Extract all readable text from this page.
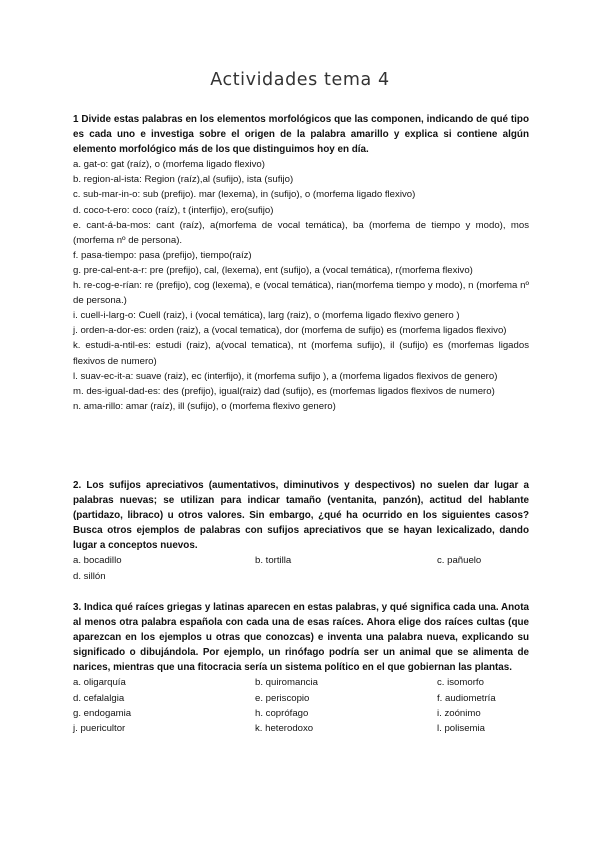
Actividades tema 4

1 Divide estas palabras en los elementos morfológicos que las componen, indicando de qué tipo es cada uno e investiga sobre el origen de la palabra amarillo y explica si contiene algún elemento morfológico más de los que distinguimos hoy en día.

a. gat-o: gat (raíz), o (morfema ligado flexivo)

b. region-al-ista: Region (raíz),al (sufijo), ista (sufijo)

c. sub-mar-in-o: sub (prefijo). mar (lexema), in (sufijo), o (morfema ligado flexivo)

d. coco-t-ero: coco (raíz), t (interfijo), ero(sufijo)

e. cant-á-ba-mos: cant (raíz), a(morfema de vocal temática), ba (morfema de tiempo y modo), mos (morfema nº de persona).

f. pasa-tiempo: pasa (prefijo), tiempo(raíz)

g. pre-cal-ent-a-r: pre (prefijo), cal, (lexema), ent (sufijo), a (vocal temática), r(morfema flexivo)

h. re-cog-e-rían: re (prefijo), cog (lexema), e (vocal temática), rian(morfema tiempo y modo), n (morfema nº de persona.)

i. cuell-i-larg-o: Cuell (raiz), i (vocal temática), larg (raiz), o (morfema ligado flexivo genero )

j. orden-a-dor-es: orden (raiz), a (vocal tematica), dor (morfema de sufijo) es (morfema ligados flexivo)

k. estudi-a-ntil-es: estudi (raiz), a(vocal tematica), nt (morfema sufijo), il (sufijo) es (morfemas ligados flexivos de numero)

l. suav-ec-it-a: suave (raiz), ec (interfijo), it (morfema sufijo ), a (morfema ligados flexivos de genero)

m. des-igual-dad-es: des (prefijo), igual(raiz) dad (sufijo), es (morfemas ligados flexivos de numero)

n. ama-rillo: amar (raíz), ill (sufijo), o (morfema flexivo genero)

2. Los sufijos apreciativos (aumentativos, diminutivos y despectivos) no suelen dar lugar a palabras nuevas; se utilizan para indicar tamaño (ventanita, panzón), actitud del hablante (partidazo, libraco) u otros valores. Sin embargo, ¿qué ha ocurrido en los siguientes casos? Busca otros ejemplos de palabras con sufijos apreciativos que se hayan lexicalizado, dando lugar a conceptos nuevos.

a. bocadillo	b. tortilla	c. pañuelo
d. sillón

3. Indica qué raíces griegas y latinas aparecen en estas palabras, y qué significa cada una. Anota al menos otra palabra española con cada una de esas raíces. Ahora elige dos raíces cultas (que aparezcan en los ejemplos u otras que conozcas) e inventa una palabra nueva, explicando su significado o dibujándola. Por ejemplo, un rinófago podría ser un animal que se alimenta de narices, mientras que una fitocracia sería un sistema político en el que gobiernan las plantas.

a. oligarquía	b. quiromancia	c. isomorfo
d. cefalalgia	e. periscopio	f. audiometría
g. endogamia	h. coprófago	i. zoónimo
j. puericultor	k. heterodoxo	l. polisemia
